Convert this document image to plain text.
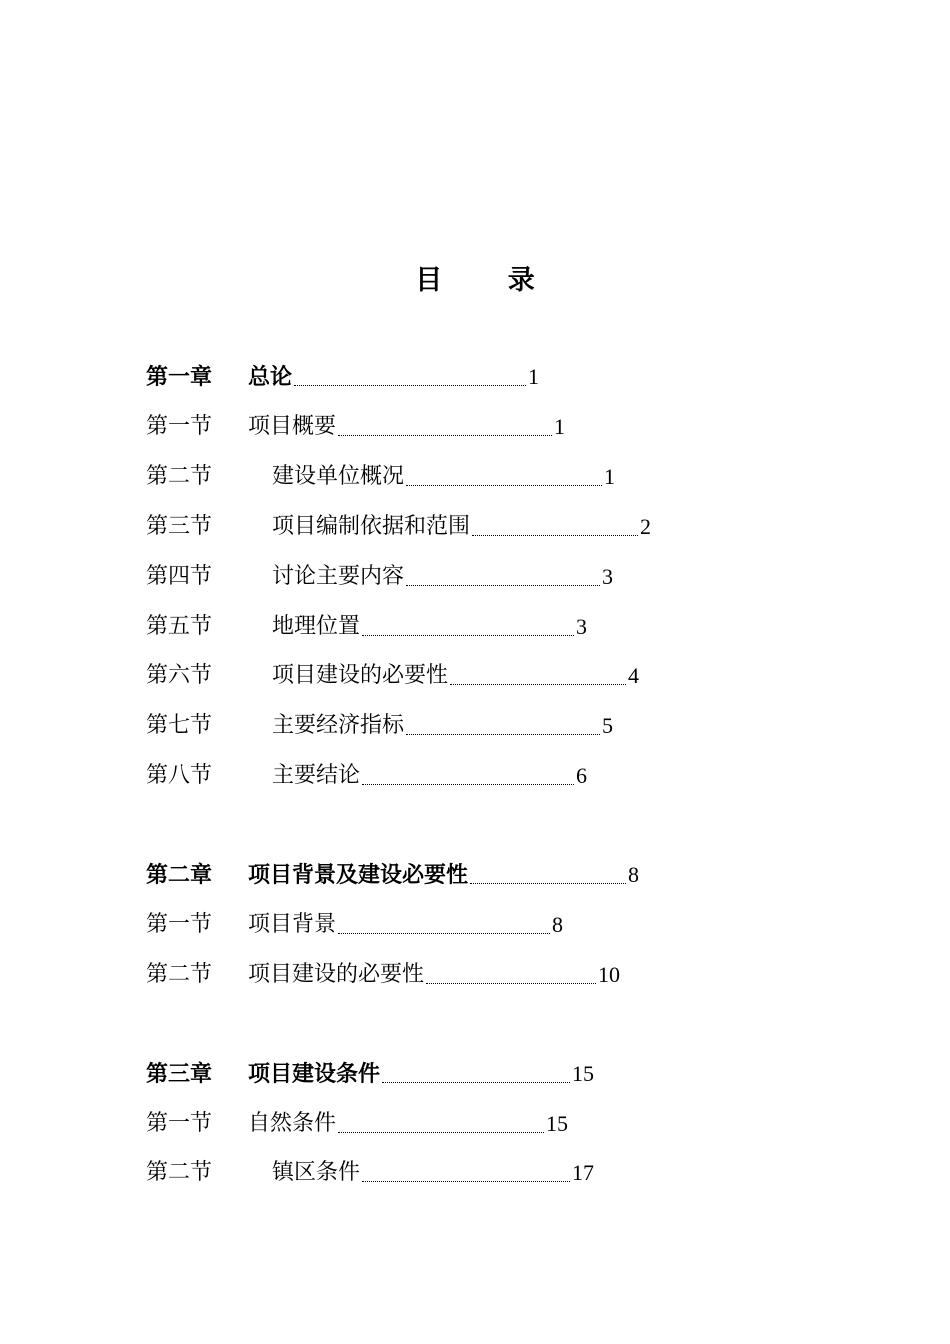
目 录
第一章 总论	1
第一节 项目概要	1
第二节	建设单位概况	1
第三节	项目编制依据和范围	2
第四节	讨论主要内容	3
第五节	地理位置	3
第六节	项目建设的必要性	4
第七节	主要经济指标	5
第八节	主要结论	6
第二章 项目背景及建设必要性	8
第一节 项目背景	8
第二节 项目建设的必要性	10
第三章 项目建设条件	15
第一节 自然条件	15
第二节	镇区条件	17
